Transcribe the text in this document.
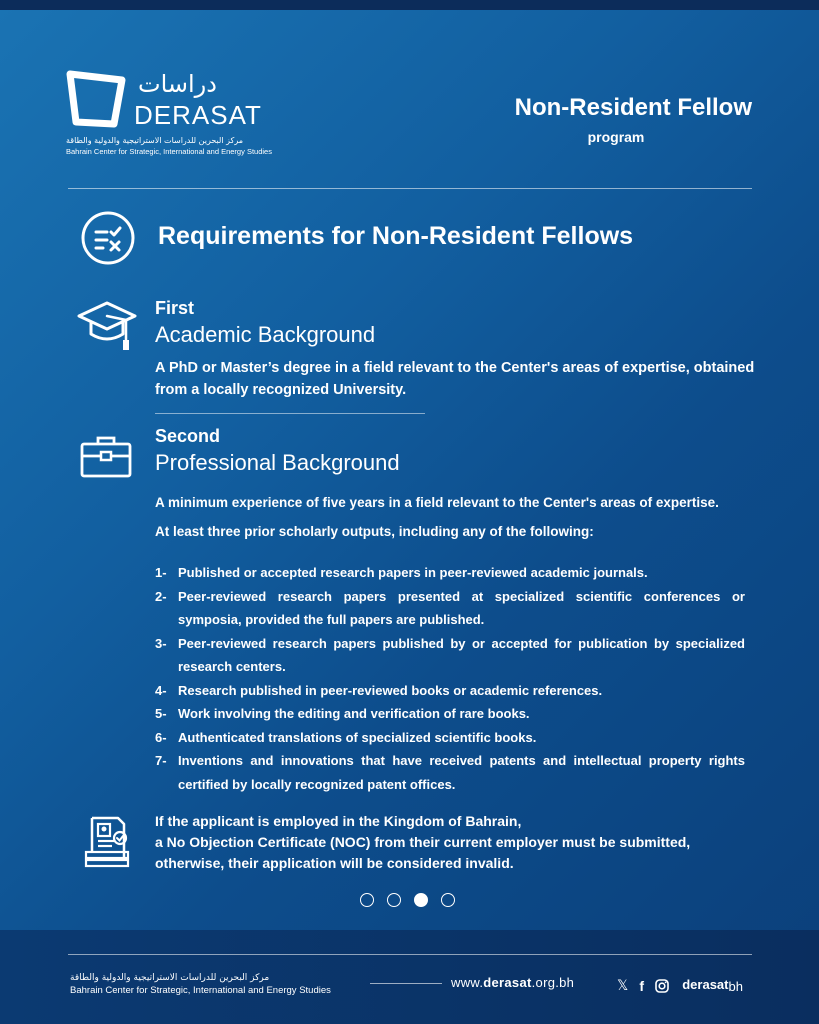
دراسات
DERASAT
مركز البحرين للدراسات الاستراتيجية والدولية والطاقة
Bahrain Center for Strategic, International and Energy Studies
Non-Resident Fellow
program
Requirements for Non-Resident Fellows
First
Academic Background
A PhD or Master’s degree in a field relevant to the Center's areas of expertise, obtained from a locally recognized University.
Second
Professional Background
A minimum experience of five years in a field relevant to the Center's areas of expertise.
At least three prior scholarly outputs, including any of the following:
1- Published or accepted research papers in peer-reviewed academic journals.
2- Peer-reviewed research papers presented at specialized scientific conferences or symposia, provided the full papers are published.
3- Peer-reviewed research papers published by or accepted for publication by specialized research centers.
4- Research published in peer-reviewed books or academic references.
5- Work involving the editing and verification of rare books.
6- Authenticated translations of specialized scientific books.
7- Inventions and innovations that have received patents and intellectual property rights certified by locally recognized patent offices.
If the applicant is employed in the Kingdom of Bahrain,
a No Objection Certificate (NOC) from their current employer must be submitted,
otherwise, their application will be considered invalid.
مركز البحرين للدراسات الاستراتيجية والدولية والطاقة
Bahrain Center for Strategic, International and Energy Studies
www.derasat.org.bh	𝕏 f	derasatbh
